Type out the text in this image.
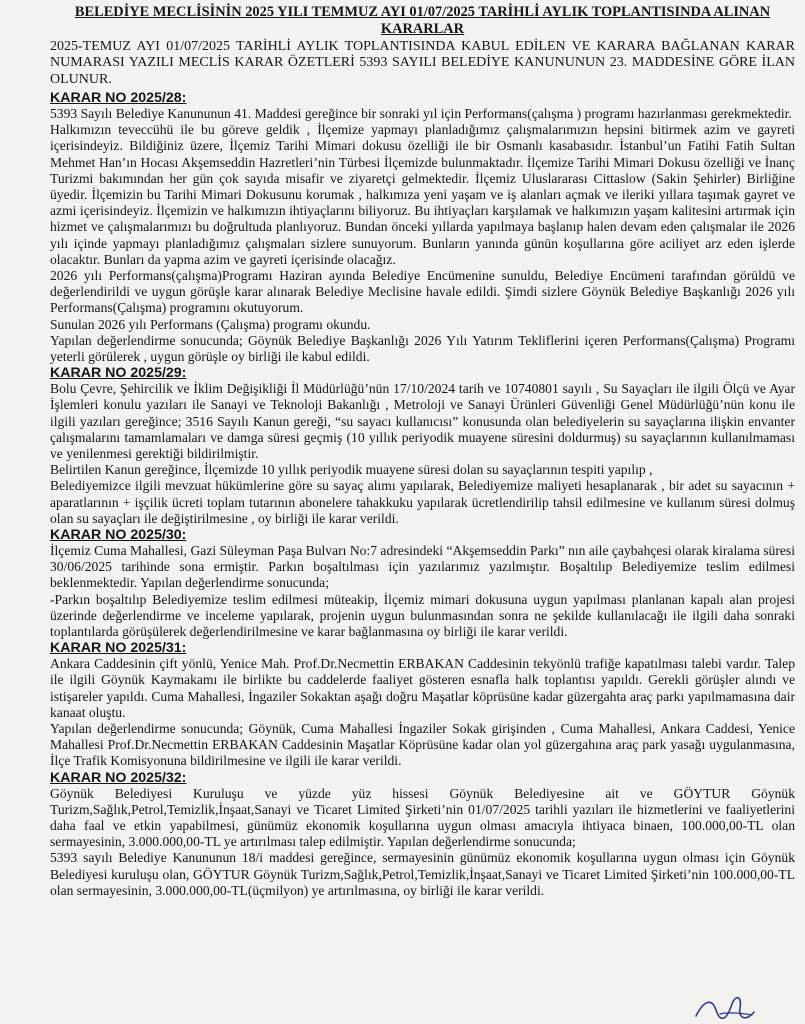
BELEDİYE MECLİSİNİN 2025 YILI TEMMUZ AYI 01/07/2025 TARİHLİ AYLIK TOPLANTISINDA ALINAN KARARLAR
2025-TEMUZ AYI 01/07/2025 TARİHLİ AYLIK TOPLANTISINDA KABUL EDİLEN VE KARARA BAĞLANAN KARAR NUMARASI YAZILI MECLİS KARAR ÖZETLERİ 5393 SAYILI BELEDİYE KANUNUNUN 23. MADDESİNE GÖRE İLAN OLUNUR.
KARAR NO 2025/28:

5393 Sayılı Belediye Kanununun 41. Maddesi gereğince bir sonraki yıl için Performans(çalışma ) programı hazırlanması gerekmektedir.

Halkımızın teveccühü ile bu göreve geldik , İlçemize yapmayı planladığımız çalışmalarımızın hepsini bitirmek azim ve gayreti içerisindeyiz. Bildiğiniz üzere, İlçemiz Tarihi Mimari dokusu özelliği ile bir Osmanlı kasabasıdır. İstanbul’un Fatihi Fatih Sultan Mehmet Han’ın Hocası Akşemseddin Hazretleri’nin Türbesi İlçemizde bulunmaktadır. İlçemize Tarihi Mimari Dokusu özelliği ve İnanç Turizmi bakımından her gün çok sayıda misafir ve ziyaretçi gelmektedir. İlçemiz Uluslararası Cittaslow (Sakin Şehirler) Birliğine üyedir. İlçemizin bu Tarihi Mimari Dokusunu korumak , halkımıza yeni yaşam ve iş alanları açmak ve ileriki yıllara taşımak gayret ve azmi içerisindeyiz. İlçemizin ve halkımızın ihtiyaçlarını biliyoruz. Bu ihtiyaçları karşılamak ve halkımızın yaşam kalitesini artırmak için hizmet ve çalışmalarımızı bu doğrultuda planlıyoruz. Bundan önceki yıllarda yapılmaya başlanıp halen devam eden çalışmalar ile 2026 yılı içinde yapmayı planladığımız çalışmaları sizlere sunuyorum. Bunların yanında günün koşullarına göre aciliyet arz eden işlerde olacaktır. Bunları da yapma azim ve gayreti içerisinde olacağız.

2026 yılı Performans(çalışma)Programı Haziran ayında Belediye Encümenine sunuldu, Belediye Encümeni tarafından görüldü ve değerlendirildi ve uygun görüşle karar alınarak Belediye Meclisine havale edildi. Şimdi sizlere Göynük Belediye Başkanlığı 2026 yılı Performans(Çalışma) programını okutuyorum.

Sunulan 2026 yılı Performans (Çalışma) programı okundu.

Yapılan değerlendirme sonucunda; Göynük Belediye Başkanlığı 2026 Yılı Yatırım Tekliflerini içeren Performans(Çalışma) Programı yeterli görülerek , uygun görüşle oy birliği ile kabul edildi.

KARAR NO 2025/29:

Bolu Çevre, Şehircilik ve İklim Değişikliği İl Müdürlüğü’nün 17/10/2024 tarih ve 10740801 sayılı , Su Sayaçları ile ilgili Ölçü ve Ayar İşlemleri konulu yazıları ile Sanayi ve Teknoloji Bakanlığı , Metroloji ve Sanayi Ürünleri Güvenliği Genel Müdürlüğü’nün konu ile ilgili yazıları gereğince; 3516 Sayılı Kanun gereği, “su sayacı kullanıcısı” konusunda olan belediyelerin su sayaçlarına ilişkin envanter çalışmalarını tamamlamaları ve damga süresi geçmiş (10 yıllık periyodik muayene süresini doldurmuş) su sayaçlarının kullanılmaması ve yenilenmesi gerektiği bildirilmiştir.

Belirtilen Kanun gereğince, İlçemizde 10 yıllık periyodik muayene süresi dolan su sayaçlarının tespiti yapılıp ,

Belediyemizce ilgili mevzuat hükümlerine göre su sayaç alımı yapılarak, Belediyemize maliyeti hesaplanarak , bir adet su sayacının + aparatlarının + işçilik ücreti toplam tutarının abonelere tahakkuku yapılarak ücretlendirilip tahsil edilmesine ve kullanım süresi dolmuş olan su sayaçları ile değiştirilmesine , oy birliği ile karar verildi.

KARAR NO 2025/30:

İlçemiz Cuma Mahallesi, Gazi Süleyman Paşa Bulvarı No:7 adresindeki “Akşemseddin Parkı” nın aile çaybahçesi olarak kiralama süresi 30/06/2025 tarihinde sona ermiştir. Parkın boşaltılması için yazılarımız yazılmıştır. Boşaltılıp Belediyemize teslim edilmesi beklenmektedir. Yapılan değerlendirme sonucunda;

-Parkın boşaltılıp Belediyemize teslim edilmesi müteakip, İlçemiz mimari dokusuna uygun yapılması planlanan kapalı alan projesi üzerinde değerlendirme ve inceleme yapılarak, projenin uygun bulunmasından sonra ne şekilde kullanılacağı ile ilgili daha sonraki toplantılarda görüşülerek değerlendirilmesine ve karar bağlanmasına oy birliği ile karar verildi.

KARAR NO 2025/31:

Ankara Caddesinin çift yönlü, Yenice Mah. Prof.Dr.Necmettin ERBAKAN Caddesinin tekyönlü trafiğe kapatılması talebi vardır. Talep ile ilgili Göynük Kaymakamı ile birlikte bu caddelerde faaliyet gösteren esnafla halk toplantısı yapıldı. Gerekli görüşler alındı ve istişareler yapıldı. Cuma Mahallesi, İngaziler Sokaktan aşağı doğru Maşatlar köprüsüne kadar güzergahta araç parkı yapılmamasına dair kanaat oluştu.

Yapılan değerlendirme sonucunda; Göynük, Cuma Mahallesi İngaziler Sokak girişinden , Cuma Mahallesi, Ankara Caddesi, Yenice Mahallesi Prof.Dr.Necmettin ERBAKAN Caddesinin Maşatlar Köprüsüne kadar olan yol güzergahına araç park yasağı uygulanmasına, İlçe Trafik Komisyonuna bildirilmesine ve ilgili ile karar verildi.

KARAR NO 2025/32:

Göynük Belediyesi Kuruluşu ve yüzde yüz hissesi Göynük Belediyesine ait ve GÖYTUR Göynük Turizm,Sağlık,Petrol,Temizlik,İnşaat,Sanayi ve Ticaret Limited Şirketi’nin 01/07/2025 tarihli yazıları ile hizmetlerini ve faaliyetlerini daha faal ve etkin yapabilmesi, günümüz ekonomik koşullarına uygun olması amacıyla ihtiyaca binaen, 100.000,00-TL olan sermayesinin, 3.000.000,00-TL ye artırılması talep edilmiştir. Yapılan değerlendirme sonucunda;

5393 sayılı Belediye Kanununun 18/i maddesi gereğince, sermayesinin günümüz ekonomik koşullarına uygun olması için Göynük Belediyesi kuruluşu olan, GÖYTUR Göynük Turizm,Sağlık,Petrol,Temizlik,İnşaat,Sanayi ve Ticaret Limited Şirketi’nin 100.000,00-TL olan sermayesinin, 3.000.000,00-TL(üçmilyon) ye artırılmasına, oy birliği ile karar verildi.
